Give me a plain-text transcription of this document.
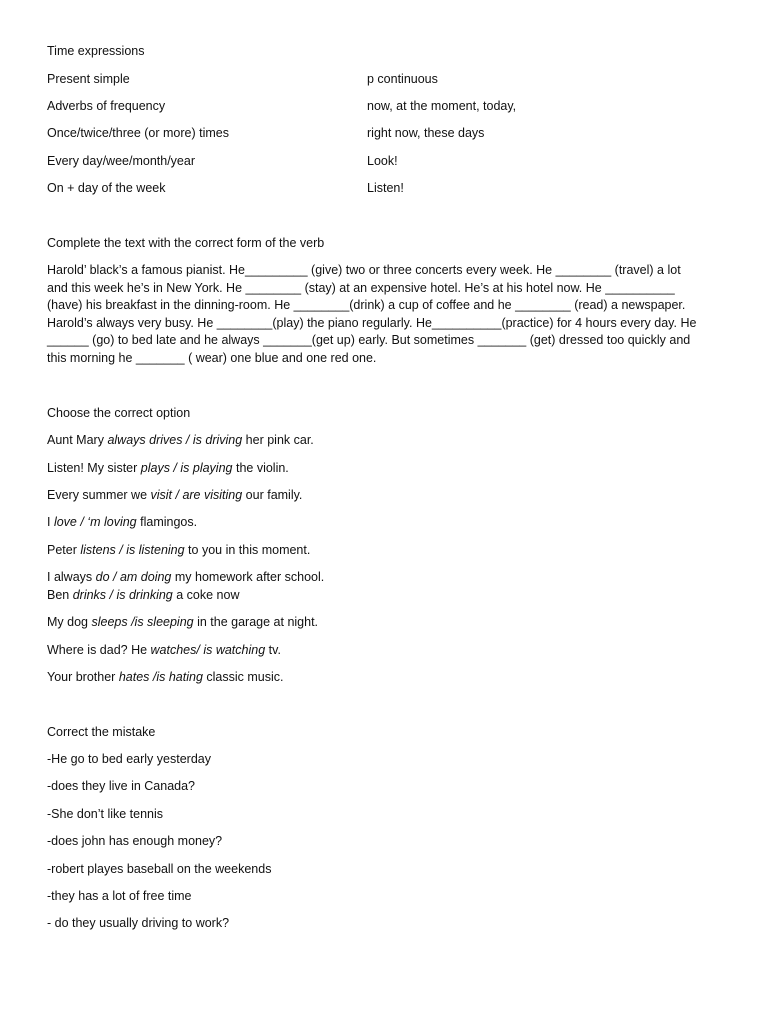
Time expressions
Present simple	p continuous
Adverbs of frequency	now, at the moment, today,
Once/twice/three (or more) times	right now, these days
Every day/wee/month/year	Look!
On + day of the week	Listen!
Complete the text with the correct form of the verb
Harold’ black’s a famous pianist. He_________ (give) two or three concerts every week. He ________ (travel) a lot
and this week he’s in New York. He ________ (stay) at an expensive hotel. He’s at his hotel now. He __________
(have) his breakfast in the dinning-room. He ________(drink) a cup of coffee and he ________ (read) a newspaper.
Harold’s always very busy. He ________(play) the piano regularly. He__________(practice) for 4 hours every day. He
______ (go) to bed late and he always _______(get up) early. But sometimes _______ (get) dressed too quickly and
this morning he _______ ( wear) one blue and one red one.
Choose the correct option
Aunt Mary always drives / is driving her pink car.
Listen! My sister plays / is playing the violin.
Every summer we visit / are visiting our family.
I love / ‘m loving flamingos.
Peter listens / is listening to you in this moment.
I always do / am doing my homework after school.
Ben drinks / is drinking a coke now
My dog sleeps /is sleeping in the garage at night.
Where is dad? He watches/ is watching tv.
Your brother hates /is hating classic music.
Correct the mistake
-He go to bed early yesterday
-does they live in Canada?
-She don’t like tennis
-does john has enough money?
-robert playes baseball on the weekends
-they has a lot of free time
- do they usually driving to work?
